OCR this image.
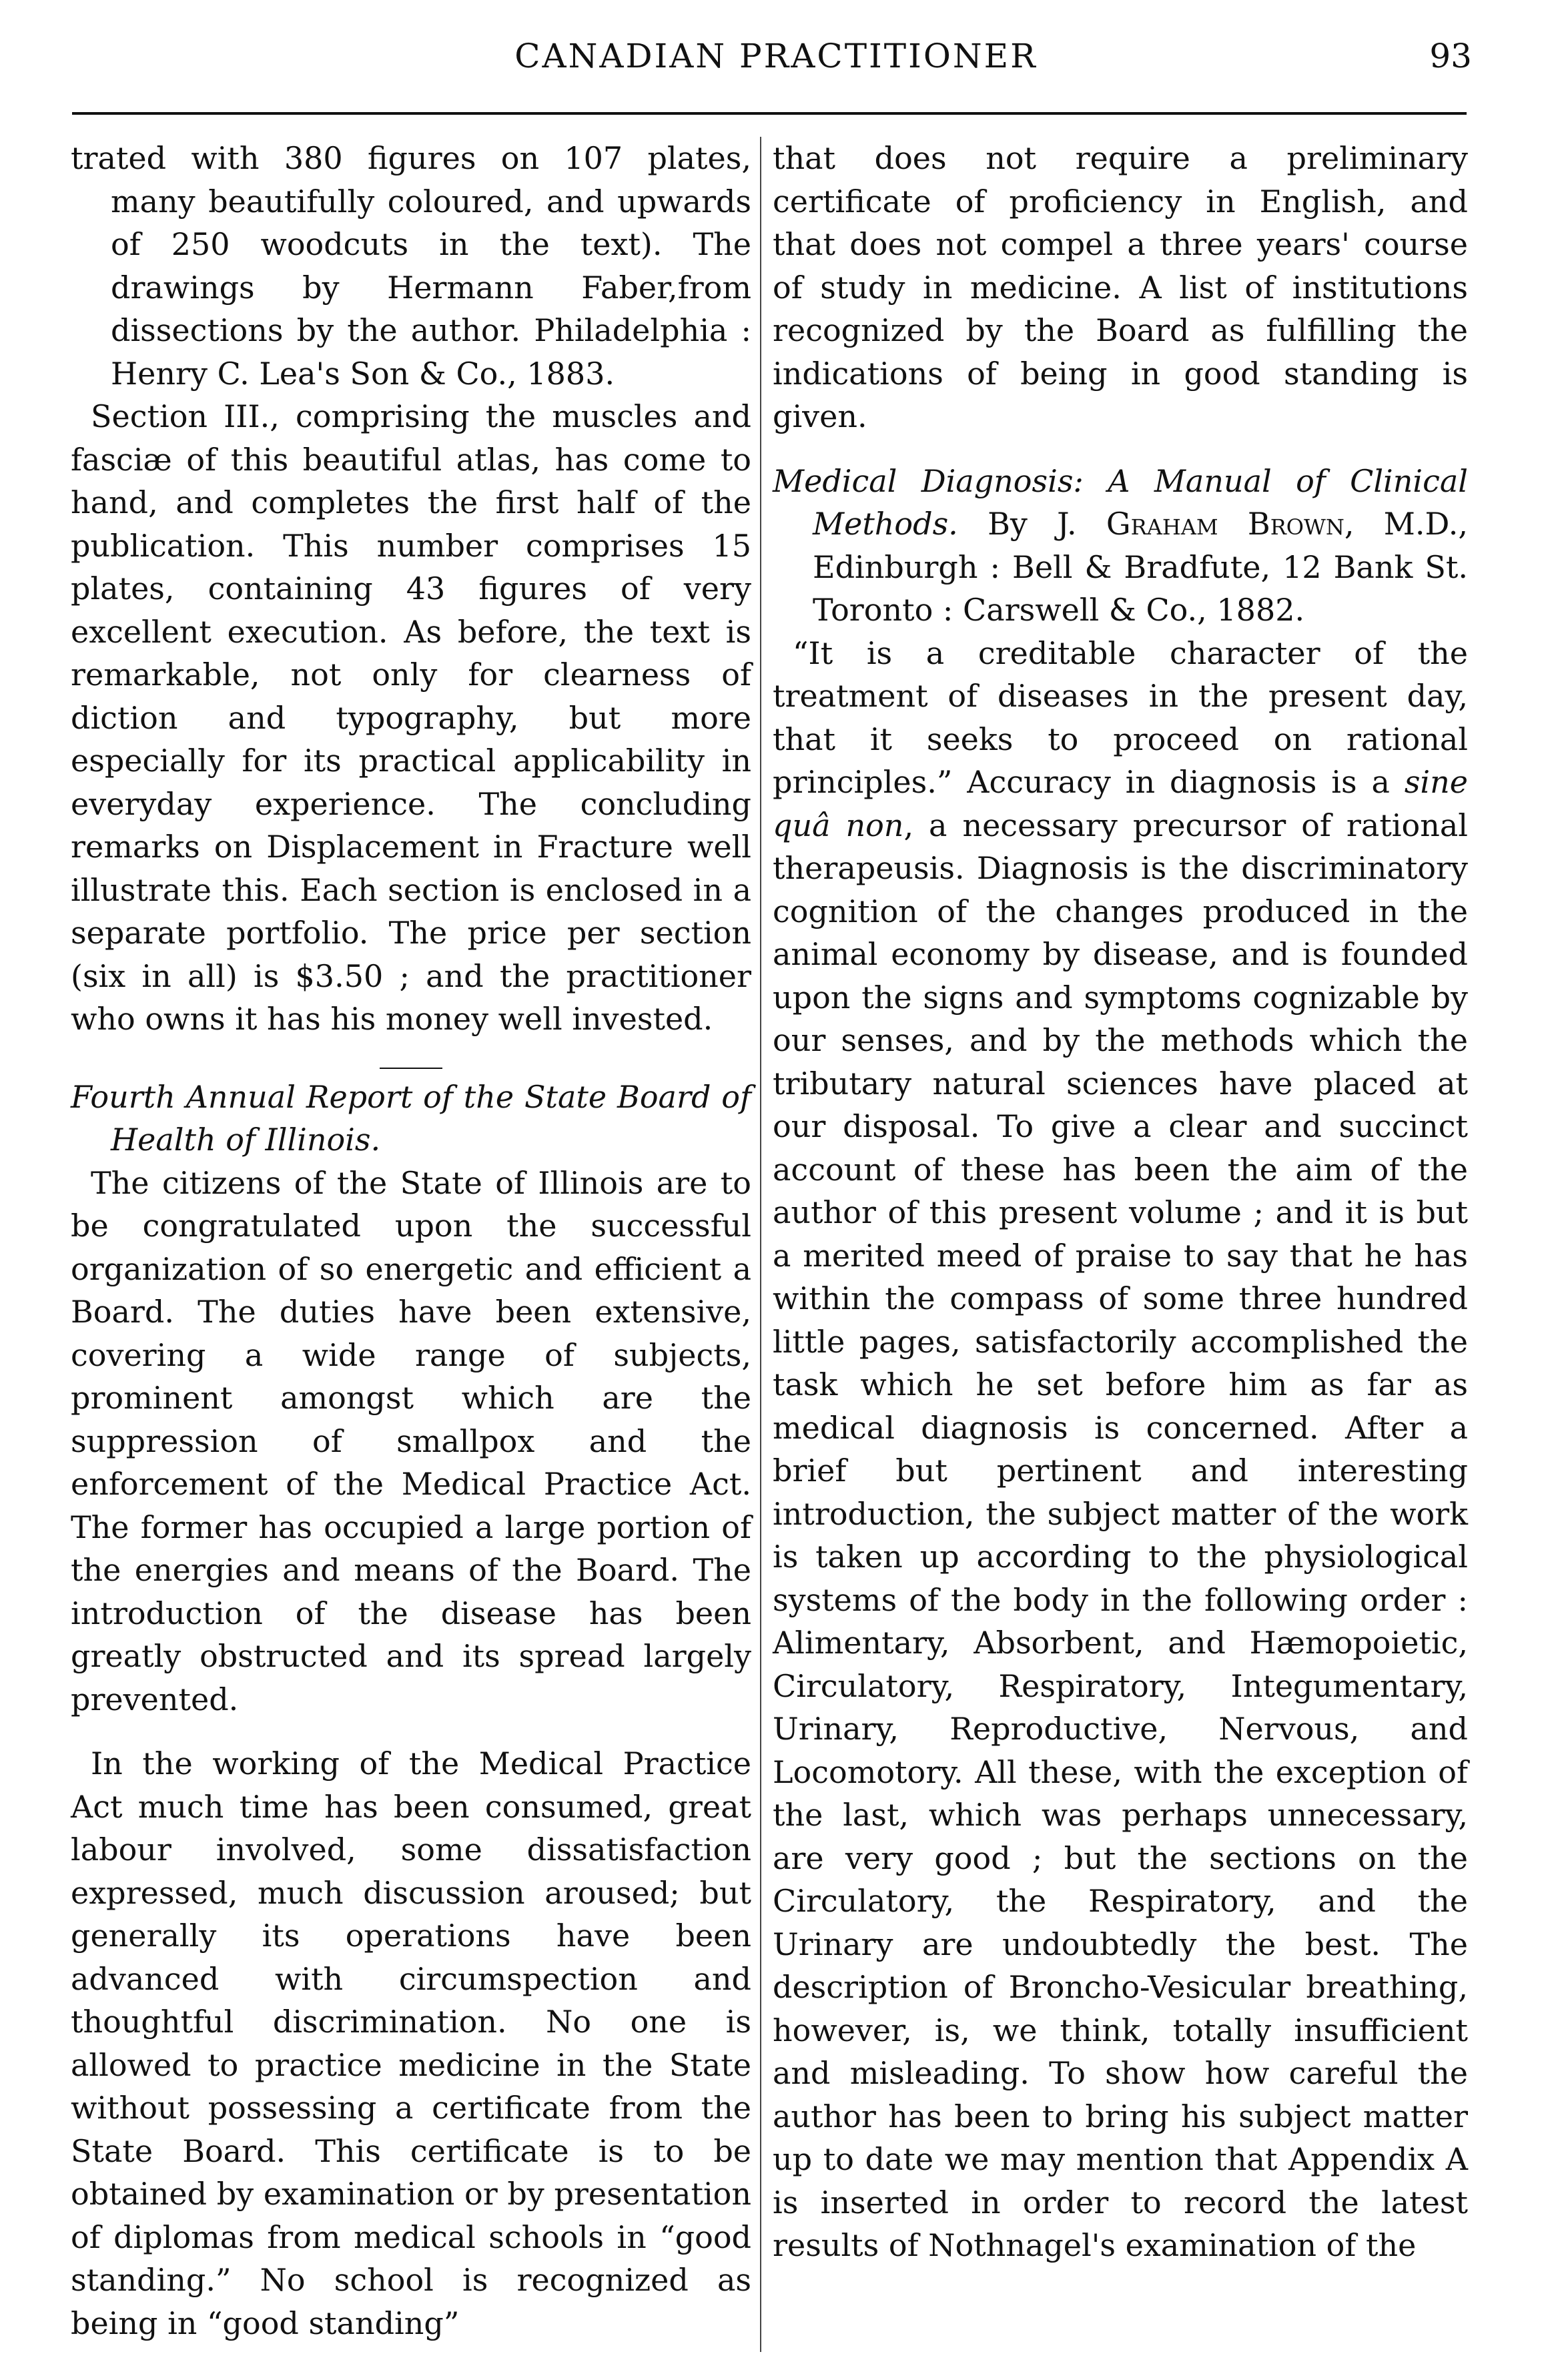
CANADIAN PRACTITIONER	93

trated with 380 figures on 107 plates, many beautifully coloured, and upwards of 250 woodcuts in the text). The drawings by Hermann Faber,from dissections by the author. Philadelphia : Henry C. Lea's Son & Co., 1883.

Section III., comprising the muscles and fasciæ of this beautiful atlas, has come to hand, and completes the first half of the publication. This number comprises 15 plates, containing 43 figures of very excellent execution. As before, the text is remarkable, not only for clearness of diction and typography, but more especially for its practical applicability in everyday experience. The concluding remarks on Displacement in Fracture well illustrate this. Each section is enclosed in a separate portfolio. The price per section (six in all) is $3.50 ; and the practitioner who owns it has his money well invested.

Fourth Annual Report of the State Board of Health of Illinois.

The citizens of the State of Illinois are to be congratulated upon the successful organization of so energetic and efficient a Board. The duties have been extensive, covering a wide range of subjects, prominent amongst which are the suppression of smallpox and the enforcement of the Medical Practice Act. The former has occupied a large portion of the energies and means of the Board. The introduction of the disease has been greatly obstructed and its spread largely prevented.

In the working of the Medical Practice Act much time has been consumed, great labour involved, some dissatisfaction expressed, much discussion aroused; but generally its operations have been advanced with circumspection and thoughtful discrimination. No one is allowed to practice medicine in the State without possessing a certificate from the State Board. This certificate is to be obtained by examination or by presentation of diplomas from medical schools in “good standing.” No school is recognized as being in “good standing”

that does not require a preliminary certificate of proficiency in English, and that does not compel a three years' course of study in medicine. A list of institutions recognized by the Board as fulfilling the indications of being in good standing is given.

Medical Diagnosis: A Manual of Clinical Methods. By J. Graham Brown, M.D., Edinburgh : Bell & Bradfute, 12 Bank St. Toronto : Carswell & Co., 1882.

“It is a creditable character of the treatment of diseases in the present day, that it seeks to proceed on rational principles.” Accuracy in diagnosis is a sine quâ non, a necessary precursor of rational therapeusis. Diagnosis is the discriminatory cognition of the changes produced in the animal economy by disease, and is founded upon the signs and symptoms cognizable by our senses, and by the methods which the tributary natural sciences have placed at our disposal. To give a clear and succinct account of these has been the aim of the author of this present volume ; and it is but a merited meed of praise to say that he has within the compass of some three hundred little pages, satisfactorily accomplished the task which he set before him as far as medical diagnosis is concerned. After a brief but pertinent and interesting introduction, the subject matter of the work is taken up according to the physiological systems of the body in the following order : Alimentary, Absorbent, and Hæmopoietic, Circulatory, Respiratory, Integumentary, Urinary, Reproductive, Nervous, and Locomotory. All these, with the exception of the last, which was perhaps unnecessary, are very good ; but the sections on the Circulatory, the Respiratory, and the Urinary are undoubtedly the best. The description of Broncho-Vesicular breathing, however, is, we think, totally insufficient and misleading. To show how careful the author has been to bring his subject matter up to date we may mention that Appendix A is inserted in order to record the latest results of Nothnagel's examination of the
